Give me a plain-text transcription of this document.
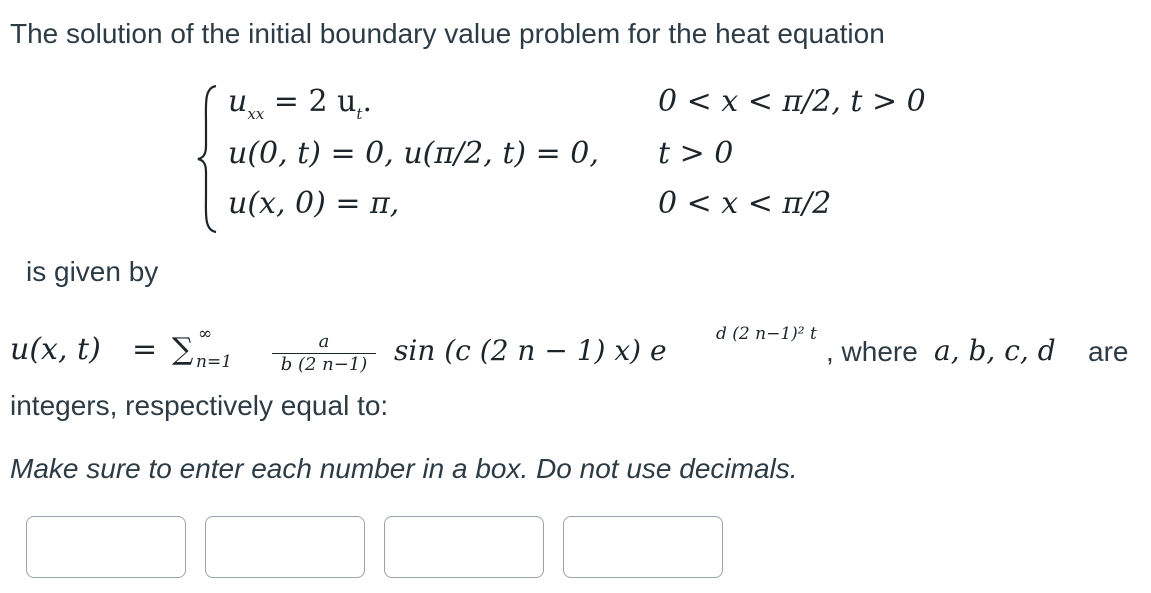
The solution of the initial boundary value problem for the heat equation
$u_{xx} = 2$ $u_t$.	0 < x < π/2, t > 0
u(0, t) = 0, u(π/2, t) = 0, t > 0
u(x, 0) = π,	0 < x < π/2
is given by
u(x, t) = ∑ ∞
n=1
a
b (2 n−1) sin (c (2 n − 1) x) e	d (2 n−1)² t
, where a, b, c, d are
integers, respectively equal to:
Make sure to enter each number in a box. Do not use decimals.
